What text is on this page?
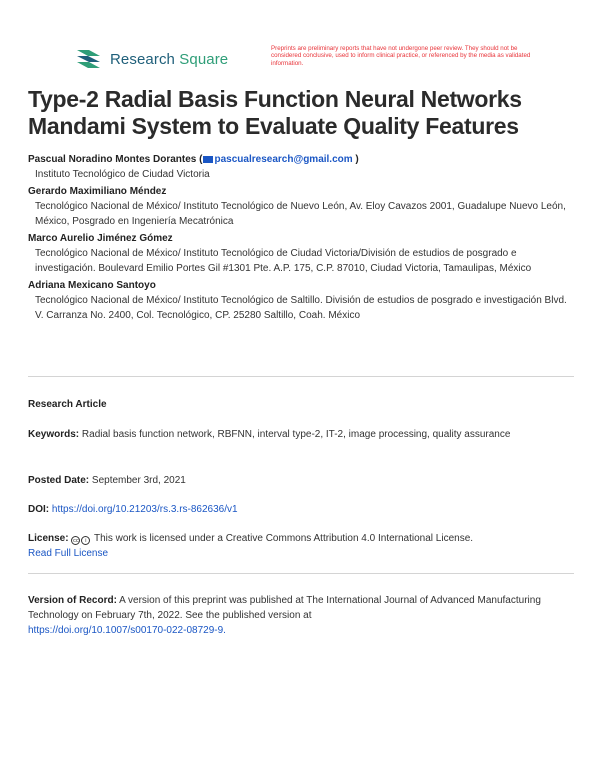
Research Square
Preprints are preliminary reports that have not undergone peer review. They should not be considered conclusive, used to inform clinical practice, or referenced by the media as validated information.
Type-2 Radial Basis Function Neural Networks Mandami System to Evaluate Quality Features
Pascual Noradino Montes Dorantes ( pascualresearch@gmail.com )
Instituto Tecnológico de Ciudad Victoria
Gerardo Maximiliano Méndez
Tecnológico Nacional de México/ Instituto Tecnológico de Nuevo León, Av. Eloy Cavazos 2001, Guadalupe Nuevo León, México, Posgrado en Ingeniería Mecatrónica
Marco Aurelio Jiménez Gómez
Tecnológico Nacional de México/ Instituto Tecnológico de Ciudad Victoria/División de estudios de posgrado e investigación. Boulevard Emilio Portes Gil #1301 Pte. A.P. 175, C.P. 87010, Ciudad Victoria, Tamaulipas, México
Adriana Mexicano Santoyo
Tecnológico Nacional de México/ Instituto Tecnológico de Saltillo. División de estudios de posgrado e investigación Blvd. V. Carranza No. 2400, Col. Tecnológico, CP. 25280 Saltillo, Coah. México
Research Article
Keywords: Radial basis function network, RBFNN, interval type-2, IT-2, image processing, quality assurance
Posted Date: September 3rd, 2021
DOI: https://doi.org/10.21203/rs.3.rs-862636/v1
License: cc i This work is licensed under a Creative Commons Attribution 4.0 International License.
Read Full License
Version of Record: A version of this preprint was published at The International Journal of Advanced Manufacturing Technology on February 7th, 2022. See the published version at
https://doi.org/10.1007/s00170-022-08729-9.
